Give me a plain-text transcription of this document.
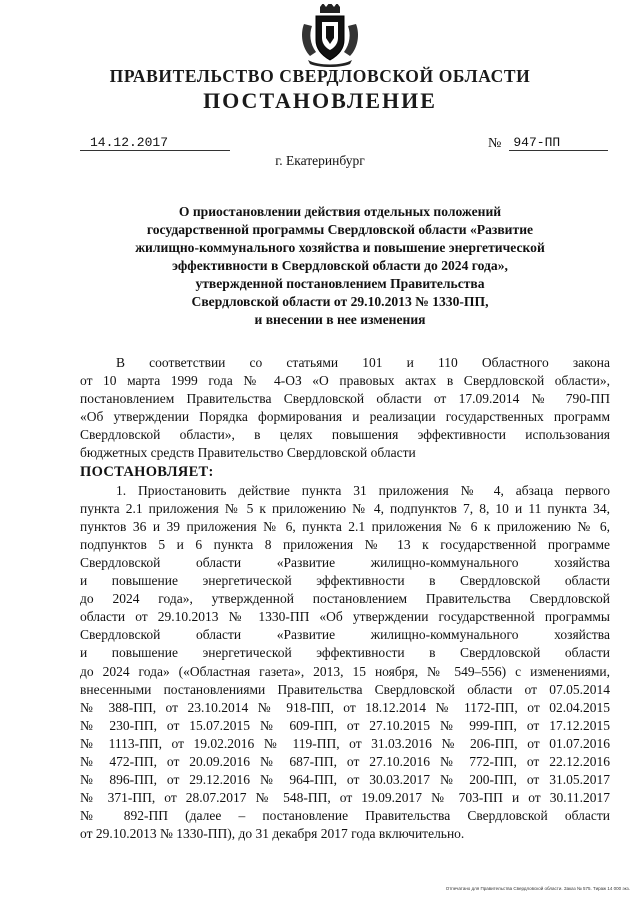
ПРАВИТЕЛЬСТВО СВЕРДЛОВСКОЙ ОБЛАСТИ
ПОСТАНОВЛЕНИЕ
14.12.2017	№ 947-ПП
г. Екатеринбург
О приостановлении действия отдельных положений
государственной программы Свердловской области «Развитие
жилищно-коммунального хозяйства и повышение энергетической
эффективности в Свердловской области до 2024 года»,
утвержденной постановлением Правительства
Свердловской области от 29.10.2013 № 1330-ПП,
и внесении в нее изменения
В соответствии со статьями 101 и 110 Областного закона
от 10 марта 1999 года № 4-ОЗ «О правовых актах в Свердловской области»,
постановлением Правительства Свердловской области от 17.09.2014 № 790-ПП
«Об утверждении Порядка формирования и реализации государственных программ
Свердловской области», в целях повышения эффективности использования
бюджетных средств Правительство Свердловской области
ПОСТАНОВЛЯЕТ:
1. Приостановить действие пункта 31 приложения № 4, абзаца первого
пункта 2.1 приложения № 5 к приложению № 4, подпунктов 7, 8, 10 и 11 пункта 34,
пунктов 36 и 39 приложения № 6, пункта 2.1 приложения № 6 к приложению № 6,
подпунктов 5 и 6 пункта 8 приложения № 13 к государственной программе
Свердловской области «Развитие жилищно-коммунального хозяйства
и повышение энергетической эффективности в Свердловской области
до 2024 года», утвержденной постановлением Правительства Свердловской
области от 29.10.2013 № 1330-ПП «Об утверждении государственной программы
Свердловской области «Развитие жилищно-коммунального хозяйства
и повышение энергетической эффективности в Свердловской области
до 2024 года» («Областная газета», 2013, 15 ноября, № 549–556) с изменениями,
внесенными постановлениями Правительства Свердловской области от 07.05.2014
№ 388-ПП, от 23.10.2014 № 918-ПП, от 18.12.2014 № 1172-ПП, от 02.04.2015
№ 230-ПП, от 15.07.2015 № 609-ПП, от 27.10.2015 № 999-ПП, от 17.12.2015
№ 1113-ПП, от 19.02.2016 № 119-ПП, от 31.03.2016 № 206-ПП, от 01.07.2016
№ 472-ПП, от 20.09.2016 № 687-ПП, от 27.10.2016 № 772-ПП, от 22.12.2016
№ 896-ПП, от 29.12.2016 № 964-ПП, от 30.03.2017 № 200-ПП, от 31.05.2017
№ 371-ПП, от 28.07.2017 № 548-ПП, от 19.09.2017 № 703-ПП и от 30.11.2017
№ 892-ПП (далее – постановление Правительства Свердловской области
от 29.10.2013 № 1330-ПП), до 31 декабря 2017 года включительно.
Отпечатано для Правительства Свердловской области. Заказ № 575. Тираж 14 000 экз.
